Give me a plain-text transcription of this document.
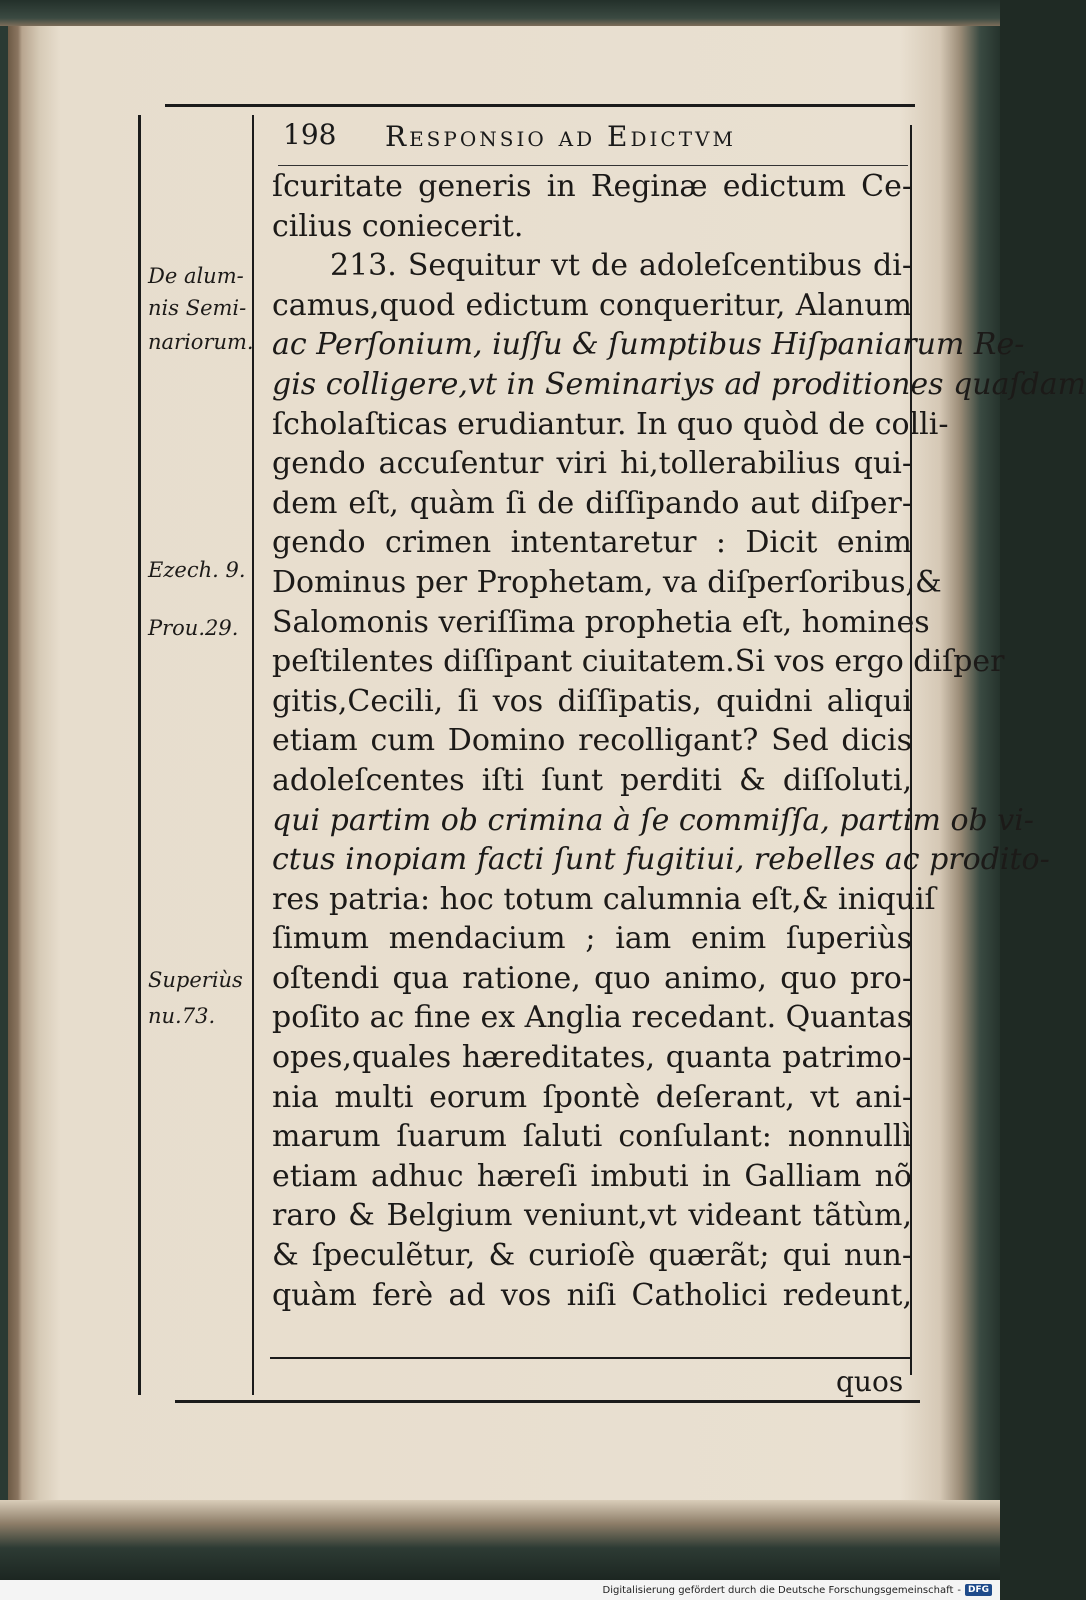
198 Responsio ad Edictvm
De alum-
nis Semi-
nariorum.
Ezech. 9.
Prou.29.
Superiùs
nu.73.
ſcuritate generis in Reginæ edictum Ce-
cilius coniecerit.
213. Sequitur vt de adoleſcentibus di-
camus,quod edictum conqueritur, Alanum
ac Perſonium, iuſſu & ſumptibus Hiſpaniarum Re-
gis colligere,vt in Seminariys ad proditiones quaſdam
ſcholaſticas erudiantur. In quo quòd de colli-
gendo accuſentur viri hi,tollerabilius qui-
dem eſt, quàm ſi de diſſipando aut diſper-
gendo crimen intentaretur : Dicit enim
Dominus per Prophetam, va diſperſoribus,&
Salomonis veriſſima prophetia eſt, homines
peſtilentes diſſipant ciuitatem.Si vos ergo diſper
gitis,Cecili, ſi vos diſſipatis, quidni aliqui
etiam cum Domino recolligant? Sed dicis
adoleſcentes iſti ſunt perditi & diſſoluti,
qui partim ob crimina à ſe commiſſa, partim ob vi-
ctus inopiam facti ſunt fugitiui, rebelles ac prodito-
res patria: hoc totum calumnia eſt,& iniquiſ
ſimum mendacium ; iam enim ſuperiùs
oſtendi qua ratione, quo animo, quo pro-
poſito ac fine ex Anglia recedant. Quantas
opes,quales hæreditates, quanta patrimo-
nia multi eorum ſpontè deſerant, vt ani-
marum ſuarum ſaluti conſulant: nonnullì
etiam adhuc hæreſi imbuti in Galliam nõ
raro & Belgium veniunt,vt videant tãtùm,
& ſpeculẽtur, & curioſè quærãt; qui nun-
quàm ferè ad vos niſi Catholici redeunt,
quos
Digitalisierung gefördert durch die Deutsche Forschungsgemeinschaft - DFG
